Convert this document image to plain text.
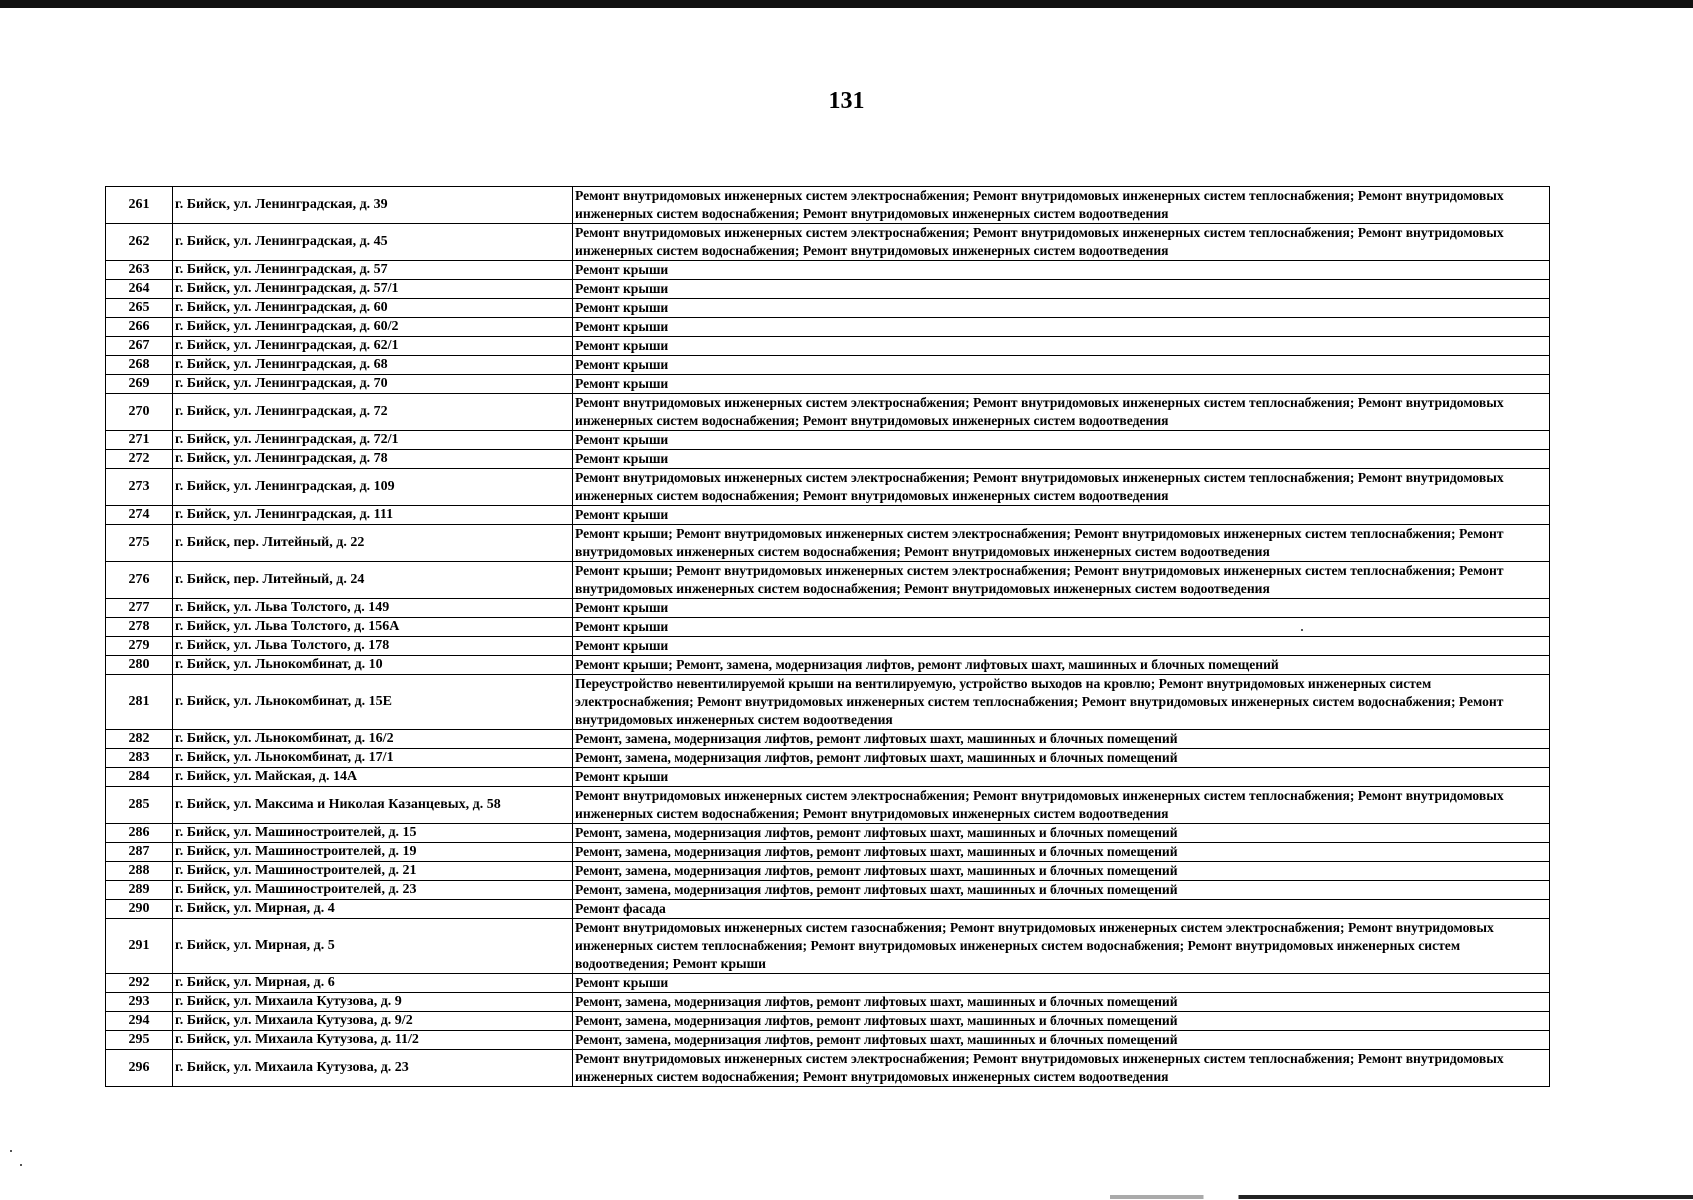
131
261	г. Бийск, ул. Ленинградская, д. 39	Ремонт внутридомовых инженерных систем электроснабжения; Ремонт внутридомовых инженерных систем теплоснабжения; Ремонт внутридомовых инженерных систем водоснабжения; Ремонт внутридомовых инженерных систем водоотведения
262	г. Бийск, ул. Ленинградская, д. 45	Ремонт внутридомовых инженерных систем электроснабжения; Ремонт внутридомовых инженерных систем теплоснабжения; Ремонт внутридомовых инженерных систем водоснабжения; Ремонт внутридомовых инженерных систем водоотведения
263	г. Бийск, ул. Ленинградская, д. 57	Ремонт крыши
264	г. Бийск, ул. Ленинградская, д. 57/1	Ремонт крыши
265	г. Бийск, ул. Ленинградская, д. 60	Ремонт крыши
266	г. Бийск, ул. Ленинградская, д. 60/2	Ремонт крыши
267	г. Бийск, ул. Ленинградская, д. 62/1	Ремонт крыши
268	г. Бийск, ул. Ленинградская, д. 68	Ремонт крыши
269	г. Бийск, ул. Ленинградская, д. 70	Ремонт крыши
270	г. Бийск, ул. Ленинградская, д. 72	Ремонт внутридомовых инженерных систем электроснабжения; Ремонт внутридомовых инженерных систем теплоснабжения; Ремонт внутридомовых инженерных систем водоснабжения; Ремонт внутридомовых инженерных систем водоотведения
271	г. Бийск, ул. Ленинградская, д. 72/1	Ремонт крыши
272	г. Бийск, ул. Ленинградская, д. 78	Ремонт крыши
273	г. Бийск, ул. Ленинградская, д. 109	Ремонт внутридомовых инженерных систем электроснабжения; Ремонт внутридомовых инженерных систем теплоснабжения; Ремонт внутридомовых инженерных систем водоснабжения; Ремонт внутридомовых инженерных систем водоотведения
274	г. Бийск, ул. Ленинградская, д. 111	Ремонт крыши
275	г. Бийск, пер. Литейный, д. 22	Ремонт крыши; Ремонт внутридомовых инженерных систем электроснабжения; Ремонт внутридомовых инженерных систем теплоснабжения; Ремонт внутридомовых инженерных систем водоснабжения; Ремонт внутридомовых инженерных систем водоотведения
276	г. Бийск, пер. Литейный, д. 24	Ремонт крыши; Ремонт внутридомовых инженерных систем электроснабжения; Ремонт внутридомовых инженерных систем теплоснабжения; Ремонт внутридомовых инженерных систем водоснабжения; Ремонт внутридомовых инженерных систем водоотведения
277	г. Бийск, ул. Льва Толстого, д. 149	Ремонт крыши
278	г. Бийск, ул. Льва Толстого, д. 156А	Ремонт крыши
279	г. Бийск, ул. Льва Толстого, д. 178	Ремонт крыши
280	г. Бийск, ул. Льнокомбинат, д. 10	Ремонт крыши; Ремонт, замена, модернизация лифтов, ремонт лифтовых шахт, машинных и блочных помещений
281	г. Бийск, ул. Льнокомбинат, д. 15Е	Переустройство невентилируемой крыши на вентилируемую, устройство выходов на кровлю; Ремонт внутридомовых инженерных систем электроснабжения; Ремонт внутридомовых инженерных систем теплоснабжения; Ремонт внутридомовых инженерных систем водоснабжения; Ремонт внутридомовых инженерных систем водоотведения
282	г. Бийск, ул. Льнокомбинат, д. 16/2	Ремонт, замена, модернизация лифтов, ремонт лифтовых шахт, машинных и блочных помещений
283	г. Бийск, ул. Льнокомбинат, д. 17/1	Ремонт, замена, модернизация лифтов, ремонт лифтовых шахт, машинных и блочных помещений
284	г. Бийск, ул. Майская, д. 14А	Ремонт крыши
285	г. Бийск, ул. Максима и Николая Казанцевых, д. 58	Ремонт внутридомовых инженерных систем электроснабжения; Ремонт внутридомовых инженерных систем теплоснабжения; Ремонт внутридомовых инженерных систем водоснабжения; Ремонт внутридомовых инженерных систем водоотведения
286	г. Бийск, ул. Машиностроителей, д. 15	Ремонт, замена, модернизация лифтов, ремонт лифтовых шахт, машинных и блочных помещений
287	г. Бийск, ул. Машиностроителей, д. 19	Ремонт, замена, модернизация лифтов, ремонт лифтовых шахт, машинных и блочных помещений
288	г. Бийск, ул. Машиностроителей, д. 21	Ремонт, замена, модернизация лифтов, ремонт лифтовых шахт, машинных и блочных помещений
289	г. Бийск, ул. Машиностроителей, д. 23	Ремонт, замена, модернизация лифтов, ремонт лифтовых шахт, машинных и блочных помещений
290	г. Бийск, ул. Мирная, д. 4	Ремонт фасада
291	г. Бийск, ул. Мирная, д. 5	Ремонт внутридомовых инженерных систем газоснабжения; Ремонт внутридомовых инженерных систем электроснабжения; Ремонт внутридомовых инженерных систем теплоснабжения; Ремонт внутридомовых инженерных систем водоснабжения; Ремонт внутридомовых инженерных систем водоотведения; Ремонт крыши
292	г. Бийск, ул. Мирная, д. 6	Ремонт крыши
293	г. Бийск, ул. Михаила Кутузова, д. 9	Ремонт, замена, модернизация лифтов, ремонт лифтовых шахт, машинных и блочных помещений
294	г. Бийск, ул. Михаила Кутузова, д. 9/2	Ремонт, замена, модернизация лифтов, ремонт лифтовых шахт, машинных и блочных помещений
295	г. Бийск, ул. Михаила Кутузова, д. 11/2	Ремонт, замена, модернизация лифтов, ремонт лифтовых шахт, машинных и блочных помещений
296	г. Бийск, ул. Михаила Кутузова, д. 23	Ремонт внутридомовых инженерных систем электроснабжения; Ремонт внутридомовых инженерных систем теплоснабжения; Ремонт внутридомовых инженерных систем водоснабжения; Ремонт внутридомовых инженерных систем водоотведения
